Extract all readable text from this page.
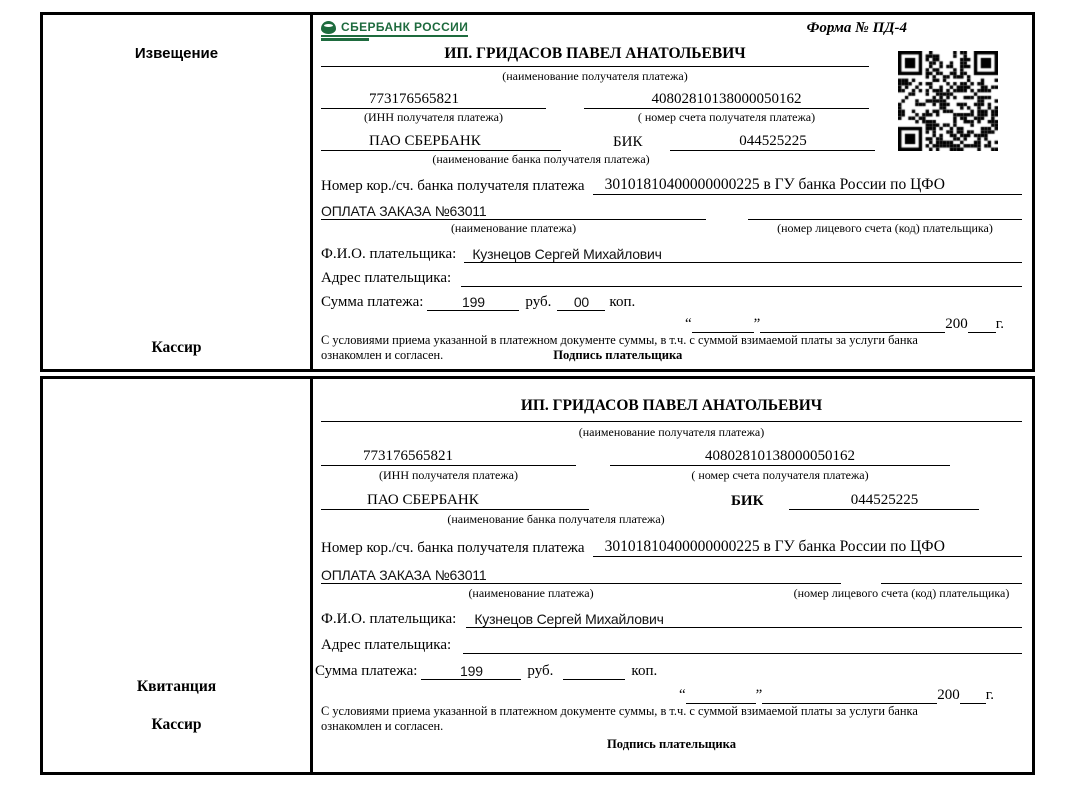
Извещение
Кассир
СБЕРБАНК РОССИИ	Форма № ПД-4
ИП. ГРИДАСОВ ПАВЕЛ АНАТОЛЬЕВИЧ
(наименование получателя платежа)
773176565821	40802810138000050162
(ИНН получателя платежа)	( номер счета получателя платежа)
ПАО СБЕРБАНК	БИК	044525225
(наименование банка получателя платежа)
Номер кор./сч. банка получателя платежа	30101810400000000225 в ГУ банка России по ЦФО
ОПЛАТА ЗАКАЗА №63011
(наименование платежа)	(номер лицевого счета (код) плательщика)
Ф.И.О. плательщика:	Кузнецов Сергей Михайлович
Адрес плательщика:
Сумма платежа:	199	руб.	00	коп.
“	”	200 г.
С условиями приема указанной в платежном документе суммы, в т.ч. с суммой взимаемой платы за услуги банка
ознакомлен и согласен.	Подпись плательщика
Квитанция
Кассир
ИП. ГРИДАСОВ ПАВЕЛ АНАТОЛЬЕВИЧ
(наименование получателя платежа)
773176565821	40802810138000050162
(ИНН получателя платежа)	( номер счета получателя платежа)
ПАО СБЕРБАНК	БИК	044525225
(наименование банка получателя платежа)
Номер кор./сч. банка получателя платежа	30101810400000000225 в ГУ банка России по ЦФО
ОПЛАТА ЗАКАЗА №63011
(наименование платежа)	(номер лицевого счета (код) плательщика)
Ф.И.О. плательщика:	Кузнецов Сергей Михайлович
Адрес плательщика:
Сумма платежа:	199	руб.	коп.
“	”	200 г.
С условиями приема указанной в платежном документе суммы, в т.ч. с суммой взимаемой платы за услуги банка
ознакомлен и согласен.
Подпись плательщика
